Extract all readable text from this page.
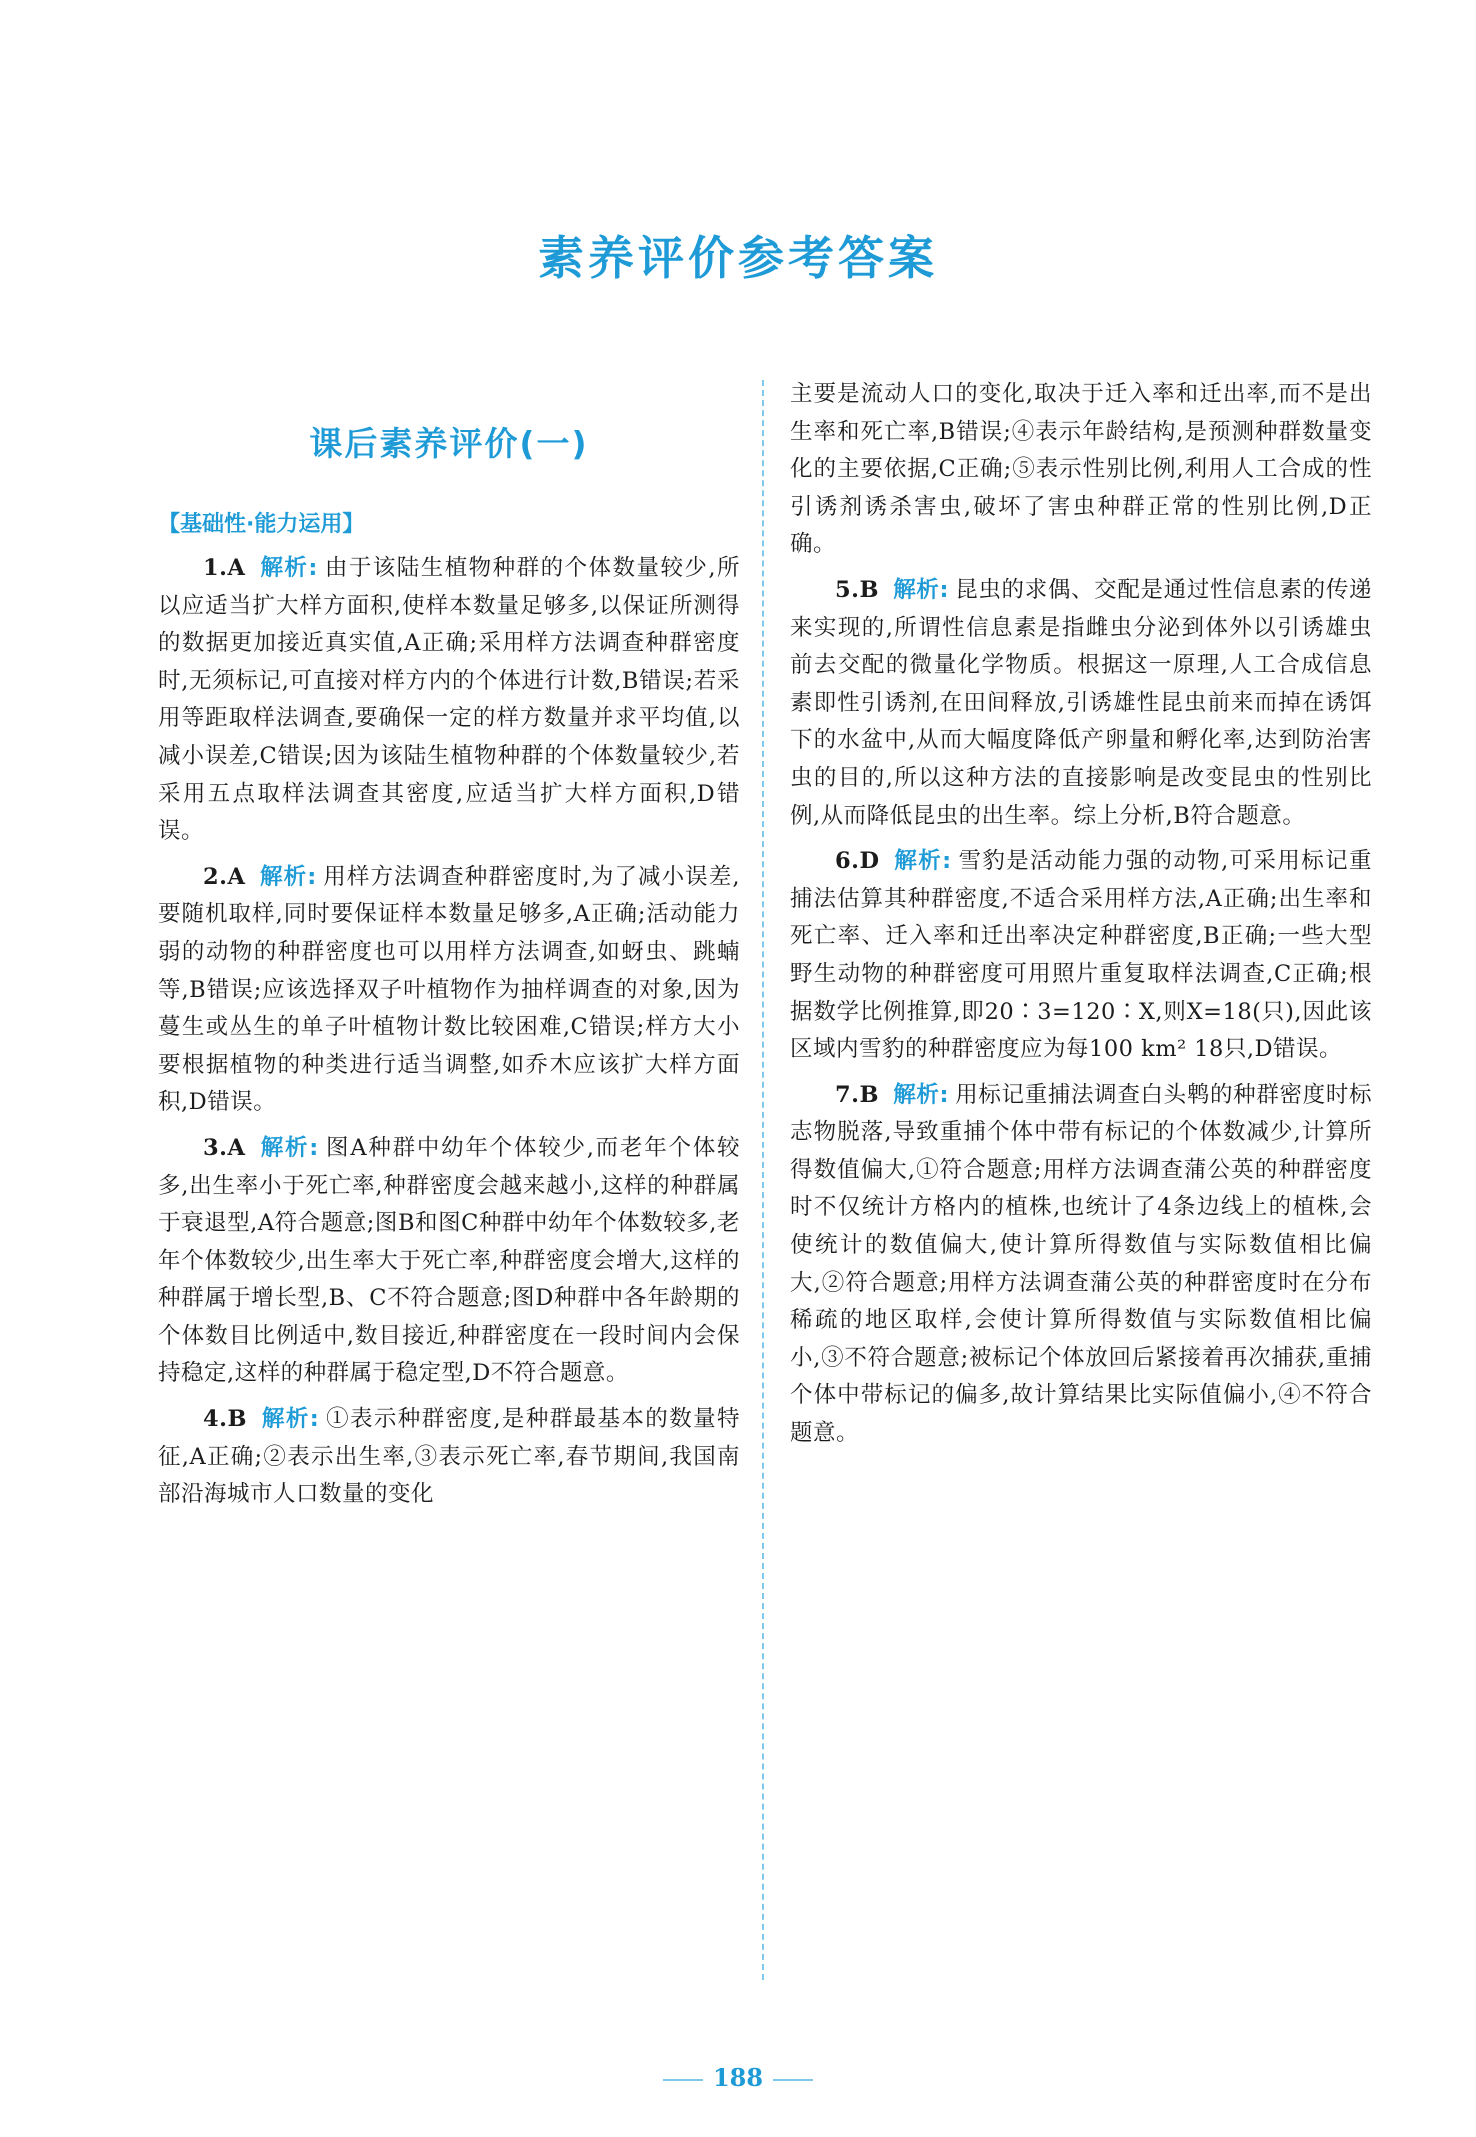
素养评价参考答案
课后素养评价(一)
【基础性·能力运用】

1.A 解析: 由于该陆生植物种群的个体数量较少,所以应适当扩大样方面积,使样本数量足够多,以保证所测得的数据更加接近真实值,A正确;采用样方法调查种群密度时,无须标记,可直接对样方内的个体进行计数,B错误;若采用等距取样法调查,要确保一定的样方数量并求平均值,以减小误差,C错误;因为该陆生植物种群的个体数量较少,若采用五点取样法调查其密度,应适当扩大样方面积,D错误。

2.A 解析: 用样方法调查种群密度时,为了减小误差,要随机取样,同时要保证样本数量足够多,A正确;活动能力弱的动物的种群密度也可以用样方法调查,如蚜虫、跳蝻等,B错误;应该选择双子叶植物作为抽样调查的对象,因为蔓生或丛生的单子叶植物计数比较困难,C错误;样方大小要根据植物的种类进行适当调整,如乔木应该扩大样方面积,D错误。

3.A 解析: 图A种群中幼年个体较少,而老年个体较多,出生率小于死亡率,种群密度会越来越小,这样的种群属于衰退型,A符合题意;图B和图C种群中幼年个体数较多,老年个体数较少,出生率大于死亡率,种群密度会增大,这样的种群属于增长型,B、C不符合题意;图D种群中各年龄期的个体数目比例适中,数目接近,种群密度在一段时间内会保持稳定,这样的种群属于稳定型,D不符合题意。

4.B 解析: ①表示种群密度,是种群最基本的数量特征,A正确;②表示出生率,③表示死亡率,春节期间,我国南部沿海城市人口数量的变化

主要是流动人口的变化,取决于迁入率和迁出率,而不是出生率和死亡率,B错误;④表示年龄结构,是预测种群数量变化的主要依据,C正确;⑤表示性别比例,利用人工合成的性引诱剂诱杀害虫,破坏了害虫种群正常的性别比例,D正确。

5.B 解析: 昆虫的求偶、交配是通过性信息素的传递来实现的,所谓性信息素是指雌虫分泌到体外以引诱雄虫前去交配的微量化学物质。根据这一原理,人工合成信息素即性引诱剂,在田间释放,引诱雄性昆虫前来而掉在诱饵下的水盆中,从而大幅度降低产卵量和孵化率,达到防治害虫的目的,所以这种方法的直接影响是改变昆虫的性别比例,从而降低昆虫的出生率。综上分析,B符合题意。

6.D 解析: 雪豹是活动能力强的动物,可采用标记重捕法估算其种群密度,不适合采用样方法,A正确;出生率和死亡率、迁入率和迁出率决定种群密度,B正确;一些大型野生动物的种群密度可用照片重复取样法调查,C正确;根据数学比例推算,即20∶3=120∶X,则X=18(只),因此该区域内雪豹的种群密度应为每100 km² 18只,D错误。

7.B 解析: 用标记重捕法调查白头鹎的种群密度时标志物脱落,导致重捕个体中带有标记的个体数减少,计算所得数值偏大,①符合题意;用样方法调查蒲公英的种群密度时不仅统计方格内的植株,也统计了4条边线上的植株,会使统计的数值偏大,使计算所得数值与实际数值相比偏大,②符合题意;用样方法调查蒲公英的种群密度时在分布稀疏的地区取样,会使计算所得数值与实际数值相比偏小,③不符合题意;被标记个体放回后紧接着再次捕获,重捕个体中带标记的偏多,故计算结果比实际值偏小,④不符合题意。

188
